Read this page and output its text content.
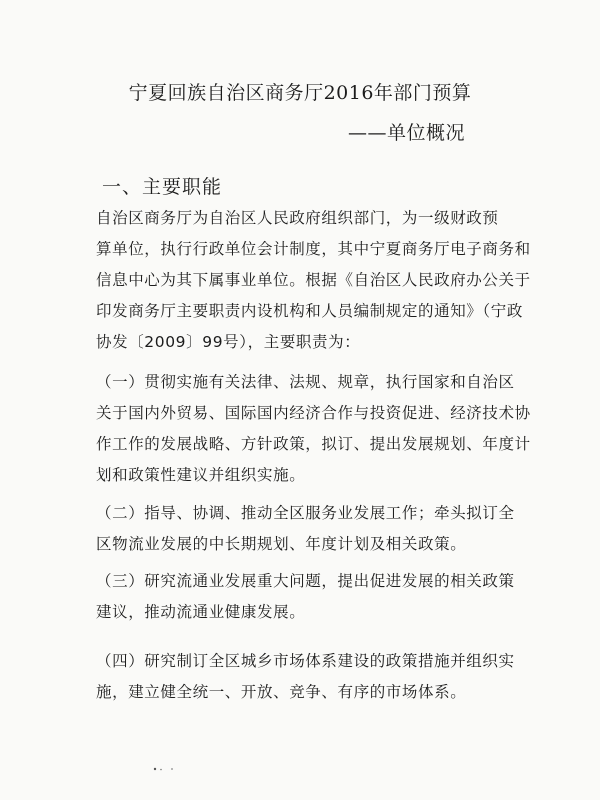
宁夏回族自治区商务厅2016年部门预算
——单位概况
一、主要职能

自治区商务厅为自治区人民政府组织部门，为一级财政预
算单位，执行行政单位会计制度，其中宁夏商务厅电子商务和
信息中心为其下属事业单位。根据《自治区人民政府办公关于
印发商务厅主要职责内设机构和人员编制规定的通知》（宁政
协发〔2009〕99号），主要职责为：

（一）贯彻实施有关法律、法规、规章，执行国家和自治区
关于国内外贸易、国际国内经济合作与投资促进、经济技术协
作工作的发展战略、方针政策，拟订、提出发展规划、年度计
划和政策性建议并组织实施。

（二）指导、协调、推动全区服务业发展工作；牵头拟订全
区物流业发展的中长期规划、年度计划及相关政策。

（三）研究流通业发展重大问题，提出促进发展的相关政策
建议，推动流通业健康发展。

（四）研究制订全区城乡市场体系建设的政策措施并组织实
施，建立健全统一、开放、竞争、有序的市场体系。
